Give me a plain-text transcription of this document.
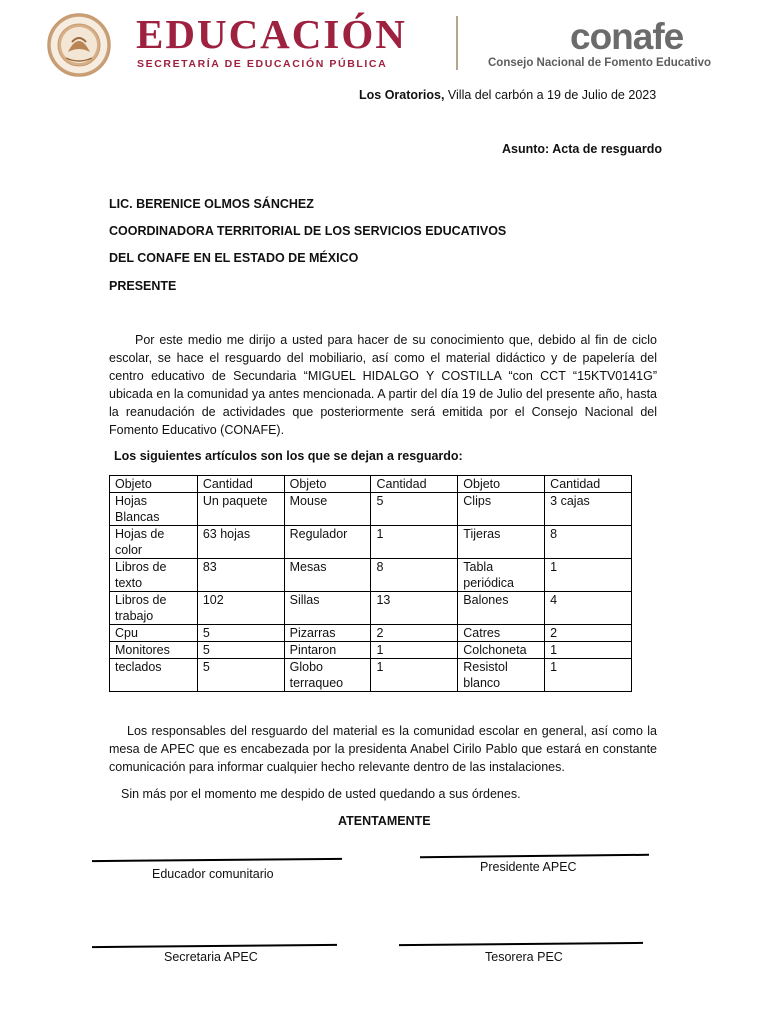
EDUCACIÓN
SECRETARÍA DE EDUCACIÓN PÚBLICA
conafe
Consejo Nacional de Fomento Educativo
Los Oratorios, Villa del carbón a 19 de Julio de 2023
Asunto: Acta de resguardo
LIC. BERENICE OLMOS SÁNCHEZ
COORDINADORA TERRITORIAL DE LOS SERVICIOS EDUCATIVOS
DEL CONAFE EN EL ESTADO DE MÉXICO
PRESENTE
Por este medio me dirijo a usted para hacer de su conocimiento que, debido al fin de ciclo escolar, se hace el resguardo del mobiliario, así como el material didáctico y de papelería del centro educativo de Secundaria “MIGUEL HIDALGO Y COSTILLA “con CCT “15KTV0141G” ubicada en la comunidad ya antes mencionada. A partir del día 19 de Julio del presente año, hasta la reanudación de actividades que posteriormente será emitida por el Consejo Nacional del Fomento Educativo (CONAFE).
Los siguientes artículos son los que se dejan a resguardo:
Objeto	Cantidad	Objeto	Cantidad	Objeto	Cantidad
Hojas Blancas	Un paquete	Mouse	5	Clips	3 cajas
Hojas de color	63 hojas	Regulador	1	Tijeras	8
Libros de texto	83	Mesas	8	Tabla periódica	1
Libros de trabajo	102	Sillas	13	Balones	4
Cpu	5	Pizarras	2	Catres	2
Monitores	5	Pintaron	1	Colchoneta	1
teclados	5	Globo terraqueo	1	Resistol blanco	1
Los responsables del resguardo del material es la comunidad escolar en general, así como la mesa de APEC que es encabezada por la presidenta Anabel Cirilo Pablo que estará en constante comunicación para informar cualquier hecho relevante dentro de las instalaciones.
Sin más por el momento me despido de usted quedando a sus órdenes.
ATENTAMENTE
Educador comunitario	Presidente APEC
Secretaria APEC	Tesorera PEC
